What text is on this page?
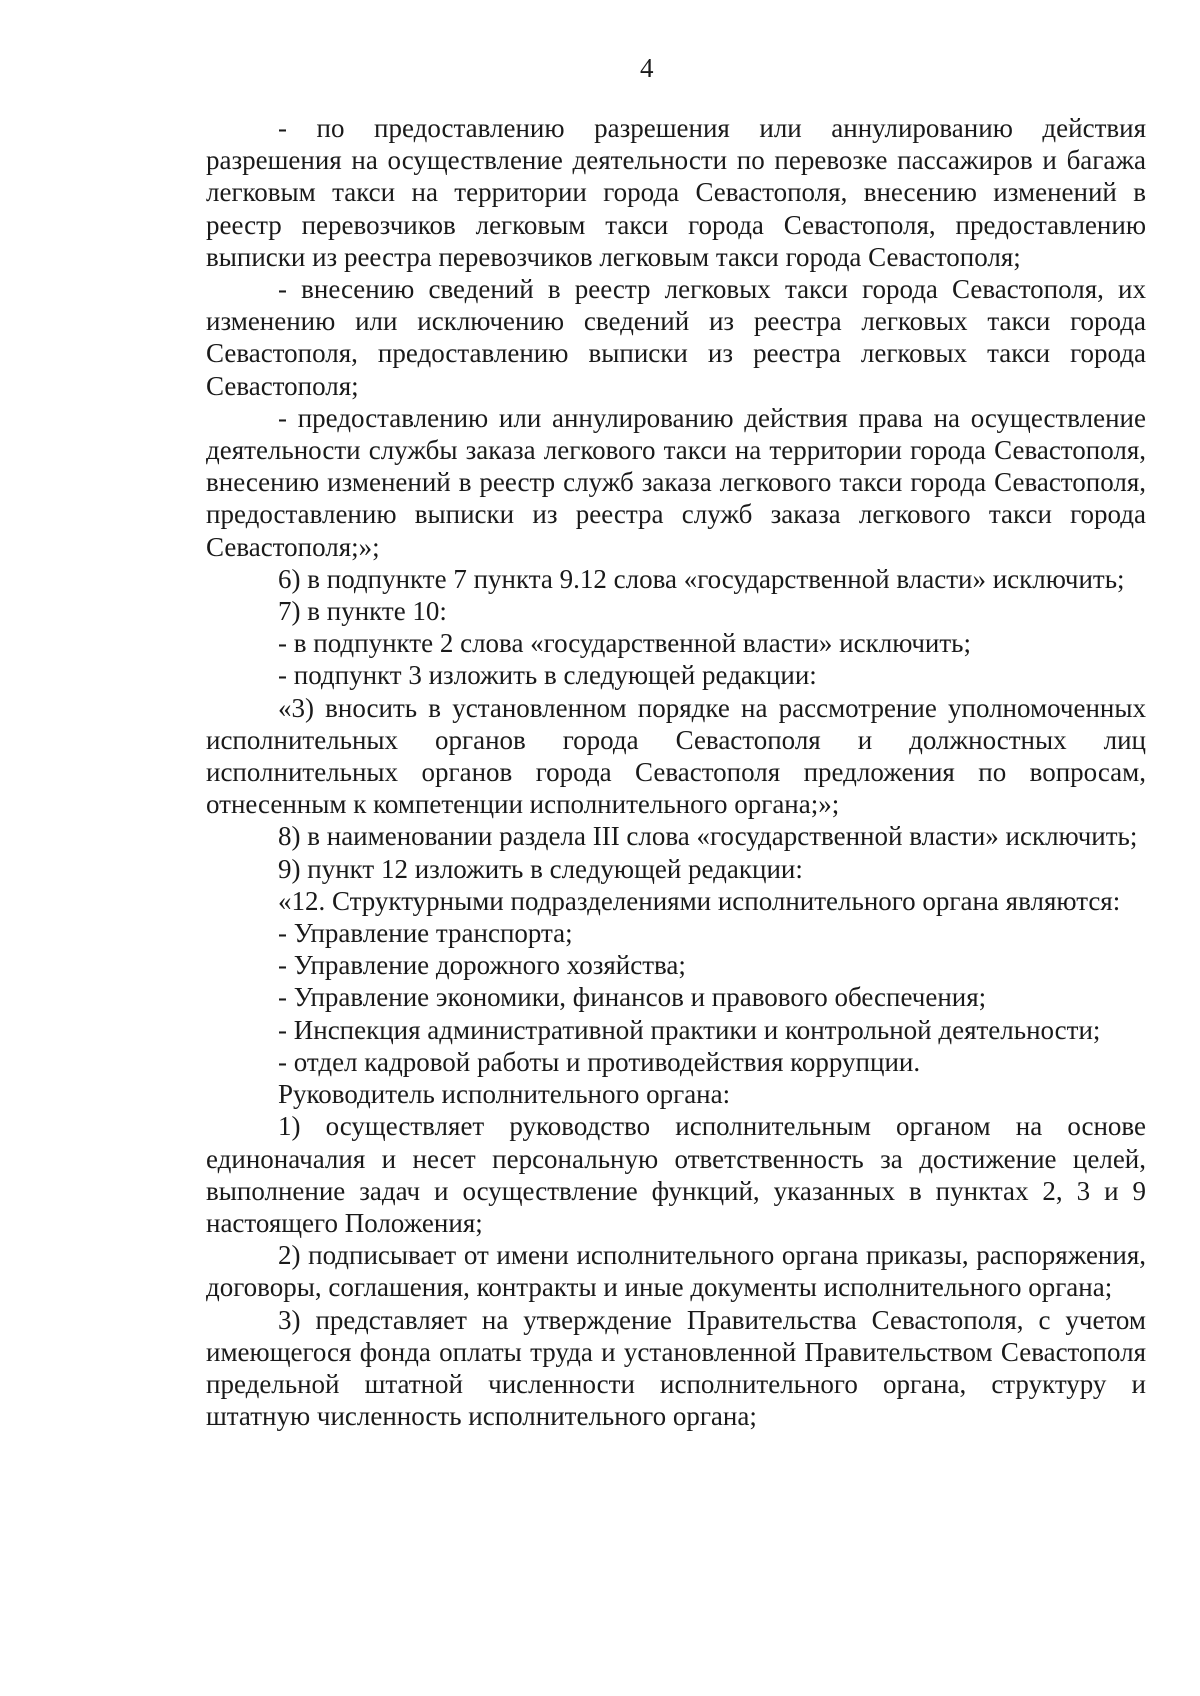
4

- по предоставлению разрешения или аннулированию действия разрешения на осуществление деятельности по перевозке пассажиров и багажа легковым такси на территории города Севастополя, внесению изменений в реестр перевозчиков легковым такси города Севастополя, предоставлению выписки из реестра перевозчиков легковым такси города Севастополя;

- внесению сведений в реестр легковых такси города Севастополя, их изменению или исключению сведений из реестра легковых такси города Севастополя, предоставлению выписки из реестра легковых такси города Севастополя;

- предоставлению или аннулированию действия права на осуществление деятельности службы заказа легкового такси на территории города Севастополя, внесению изменений в реестр служб заказа легкового такси города Севастополя, предоставлению выписки из реестра служб заказа легкового такси города Севастополя;»;

6) в подпункте 7 пункта 9.12 слова «государственной власти» исключить;

7) в пункте 10:

- в подпункте 2 слова «государственной власти» исключить;

- подпункт 3 изложить в следующей редакции:

«3) вносить в установленном порядке на рассмотрение уполномоченных исполнительных органов города Севастополя и должностных лиц исполнительных органов города Севастополя предложения по вопросам, отнесенным к компетенции исполнительного органа;»;

8) в наименовании раздела III слова «государственной власти» исключить;

9) пункт 12 изложить в следующей редакции:

«12. Структурными подразделениями исполнительного органа являются:

- Управление транспорта;

- Управление дорожного хозяйства;

- Управление экономики, финансов и правового обеспечения;

- Инспекция административной практики и контрольной деятельности;

- отдел кадровой работы и противодействия коррупции.

Руководитель исполнительного органа:

1) осуществляет руководство исполнительным органом на основе единоначалия и несет персональную ответственность за достижение целей, выполнение задач и осуществление функций, указанных в пунктах 2, 3 и 9 настоящего Положения;

2) подписывает от имени исполнительного органа приказы, распоряжения, договоры, соглашения, контракты и иные документы исполнительного органа;

3) представляет на утверждение Правительства Севастополя, с учетом имеющегося фонда оплаты труда и установленной Правительством Севастополя предельной штатной численности исполнительного органа, структуру и штатную численность исполнительного органа;
